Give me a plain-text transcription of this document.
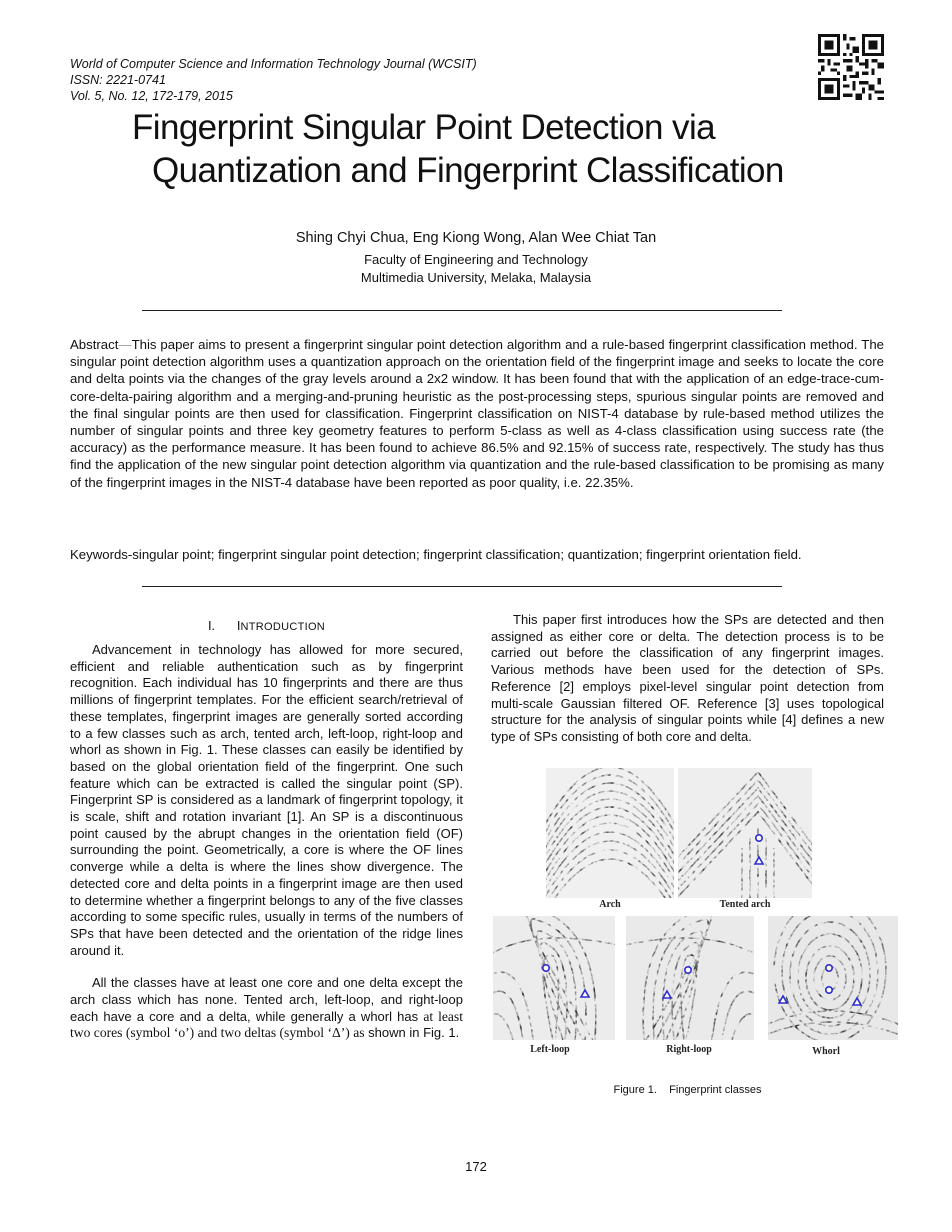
World of Computer Science and Information Technology Journal (WCSIT)
ISSN: 2221-0741
Vol. 5, No. 12, 172-179, 2015
Fingerprint Singular Point Detection via
Quantization and Fingerprint Classification
Shing Chyi Chua, Eng Kiong Wong, Alan Wee Chiat Tan
Faculty of Engineering and Technology
Multimedia University, Melaka, Malaysia
Abstract—This paper aims to present a fingerprint singular point detection algorithm and a rule-based fingerprint classification method. The singular point detection algorithm uses a quantization approach on the orientation field of the fingerprint image and seeks to locate the core and delta points via the changes of the gray levels around a 2x2 window. It has been found that with the application of an edge-trace-cum-core-delta-pairing algorithm and a merging-and-pruning heuristic as the post-processing steps, spurious singular points are removed and the final singular points are then used for classification. Fingerprint classification on NIST-4 database by rule-based method utilizes the number of singular points and three key geometry features to perform 5-class as well as 4-class classification using success rate (the accuracy) as the performance measure. It has been found to achieve 86.5% and 92.15% of success rate, respectively. The study has thus find the application of the new singular point detection algorithm via quantization and the rule-based classification to be promising as many of the fingerprint images in the NIST-4 database have been reported as poor quality, i.e. 22.35%.
Keywords-singular point; fingerprint singular point detection; fingerprint classification; quantization; fingerprint orientation field.
I. INTRODUCTION

Advancement in technology has allowed for more secured, efficient and reliable authentication such as by fingerprint recognition. Each individual has 10 fingerprints and there are thus millions of fingerprint templates. For the efficient search/retrieval of these templates, fingerprint images are generally sorted according to a few classes such as arch, tented arch, left-loop, right-loop and whorl as shown in Fig. 1. These classes can easily be identified by based on the global orientation field of the fingerprint. One such feature which can be extracted is called the singular point (SP). Fingerprint SP is considered as a landmark of fingerprint topology, it is scale, shift and rotation invariant [1]. An SP is a discontinuous point caused by the abrupt changes in the orientation field (OF) surrounding the point. Geometrically, a core is where the OF lines converge while a delta is where the lines show divergence. The detected core and delta points in a fingerprint image are then used to determine whether a fingerprint belongs to any of the five classes according to some specific rules, usually in terms of the numbers of SPs that have been detected and the orientation of the ridge lines around it.

All the classes have at least one core and one delta except the arch class which has none. Tented arch, left-loop, and right-loop each have a core and a delta, while generally a whorl has at least two cores (symbol ‘o’) and two deltas (symbol ‘Δ’) as shown in Fig. 1.

This paper first introduces how the SPs are detected and then assigned as either core or delta. The detection process is to be carried out before the classification of any fingerprint images. Various methods have been used for the detection of SPs. Reference [2] employs pixel-level singular point detection from multi-scale Gaussian filtered OF. Reference [3] uses topological structure for the analysis of singular points while [4] defines a new type of SPs consisting of both core and delta.

Arch	Tented arch
Left-loop	Right-loop	Whorl
Figure 1.    Fingerprint classes
172
